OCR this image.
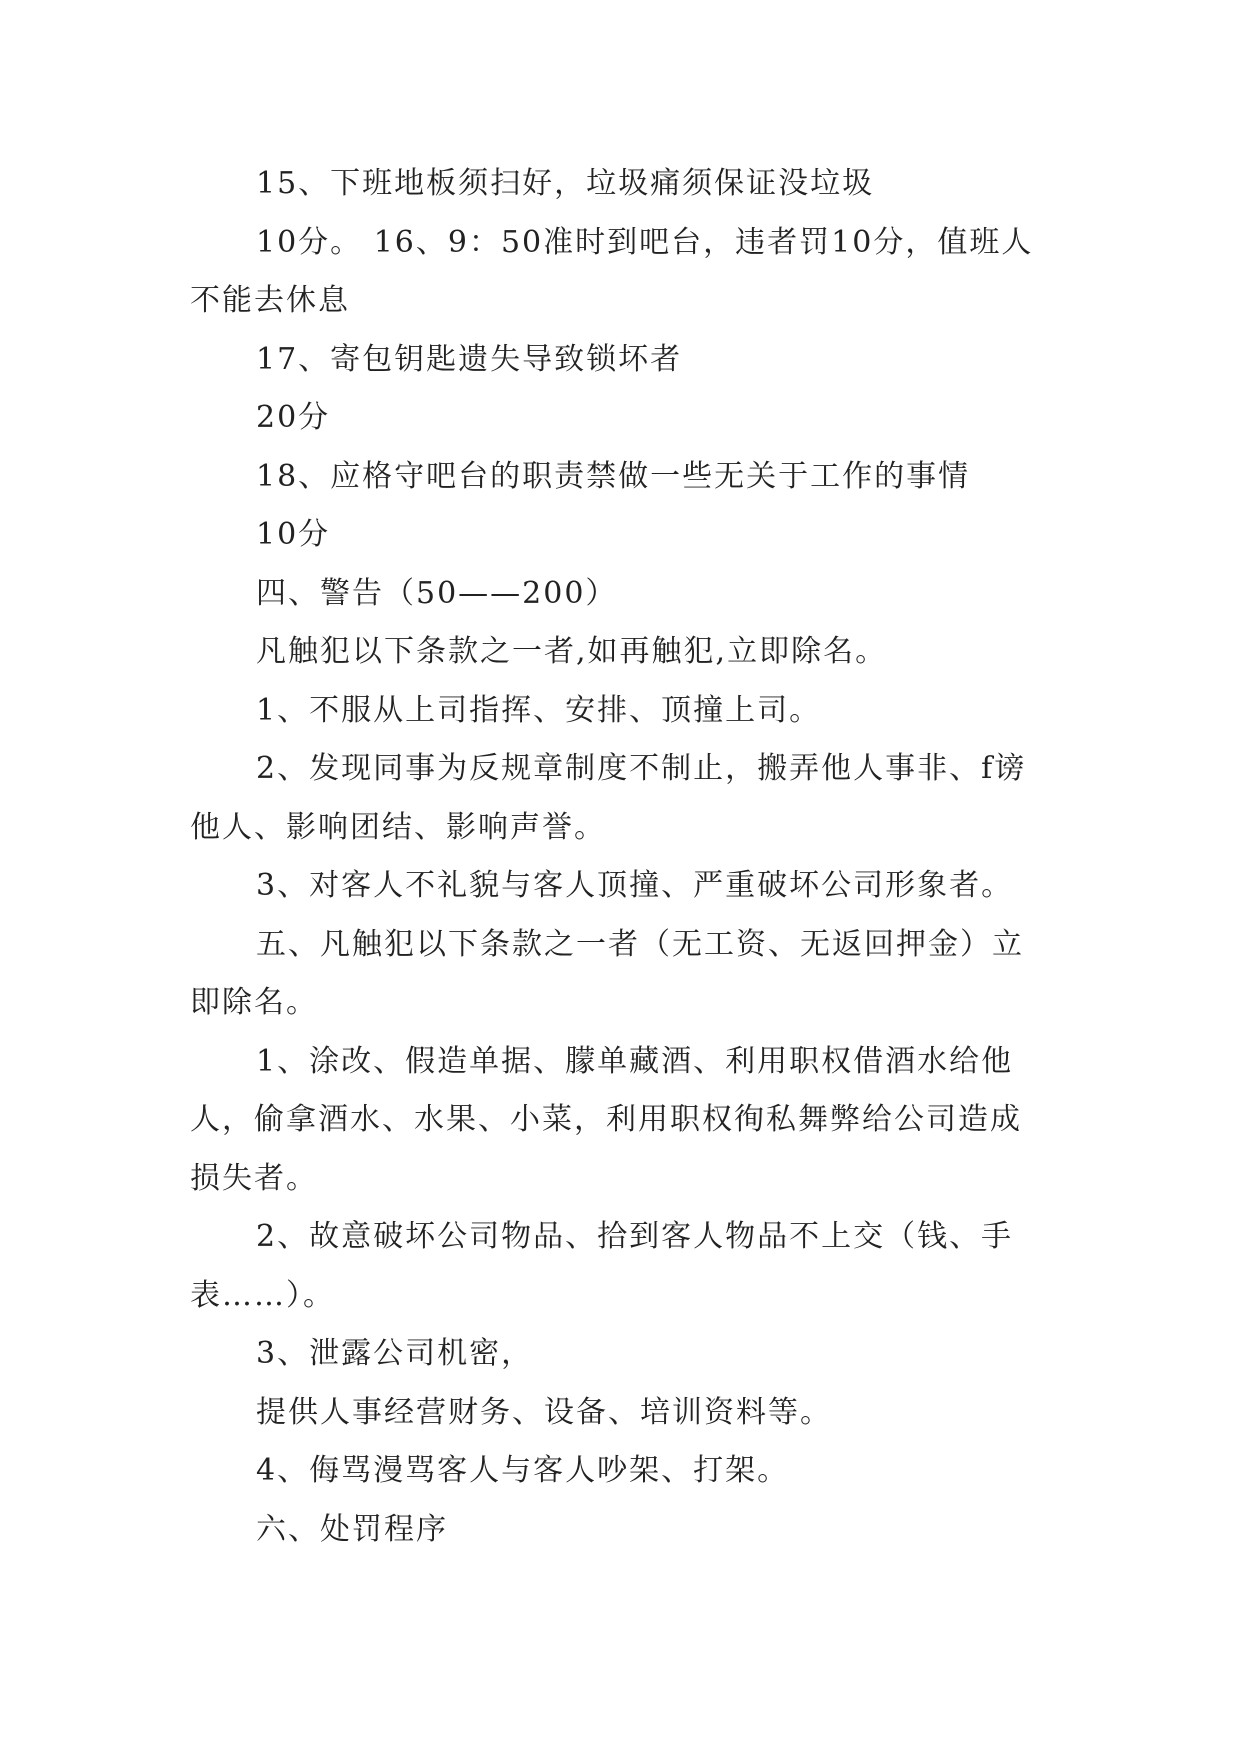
15、下班地板须扫好，垃圾痛须保证没垃圾

10分。 16、9：50准时到吧台，违者罚10分，值班人不能去休息

17、寄包钥匙遗失导致锁坏者

20分

18、应格守吧台的职责禁做一些无关于工作的事情

10分

四、警告（50——200）

凡触犯以下条款之一者,如再触犯,立即除名。

1、不服从上司指挥、安排、顶撞上司。

2、发现同事为反规章制度不制止，搬弄他人事非、f谤他人、影响团结、影响声誉。

3、对客人不礼貌与客人顶撞、严重破坏公司形象者。

五、凡触犯以下条款之一者（无工资、无返回押金）立即除名。

1、涂改、假造单据、朦单藏酒、利用职权借酒水给他人，偷拿酒水、水果、小菜，利用职权徇私舞弊给公司造成损失者。

2、故意破坏公司物品、拾到客人物品不上交（钱、手表……）。

3、泄露公司机密，

提供人事经营财务、设备、培训资料等。

4、侮骂漫骂客人与客人吵架、打架。

六、处罚程序
